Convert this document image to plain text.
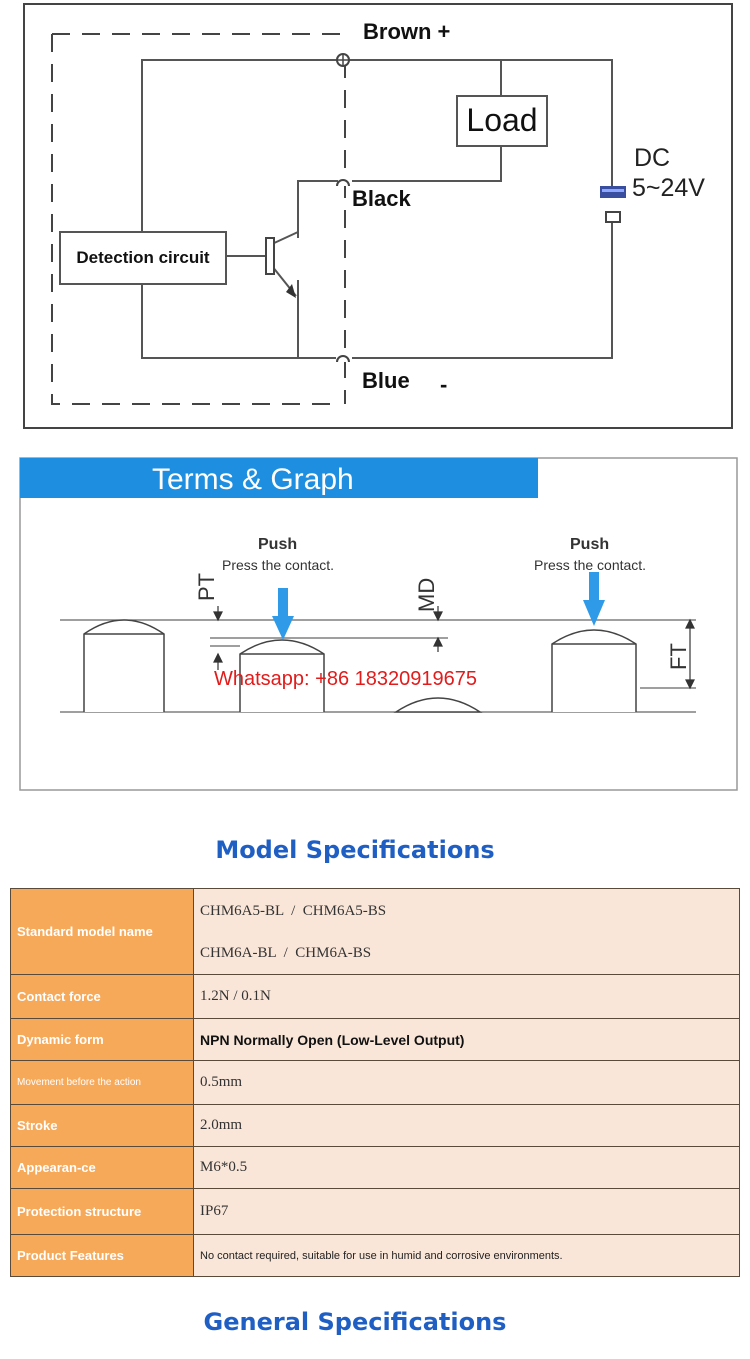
Detection circuit
Load
Brown +
Black
Blue -
DC
5~24V
Terms & Graph
Push
Press the contact.
Push
Press the contact.
PT	MD
FT
Whatsapp: +86 18320919675
Model Specifications
Standard model name	CHM6A5-BL  /  CHM6A5-BS
CHM6A-BL  /  CHM6A-BS

Contact force	1.2N / 0.1N
Dynamic form	NPN Normally Open (Low-Level Output)
Movement before the action	0.5mm
Stroke	2.0mm
Appearan-ce	M6*0.5
Protection structure	IP67
Product Features	No contact required, suitable for use in humid and corrosive environments.
General Specifications
